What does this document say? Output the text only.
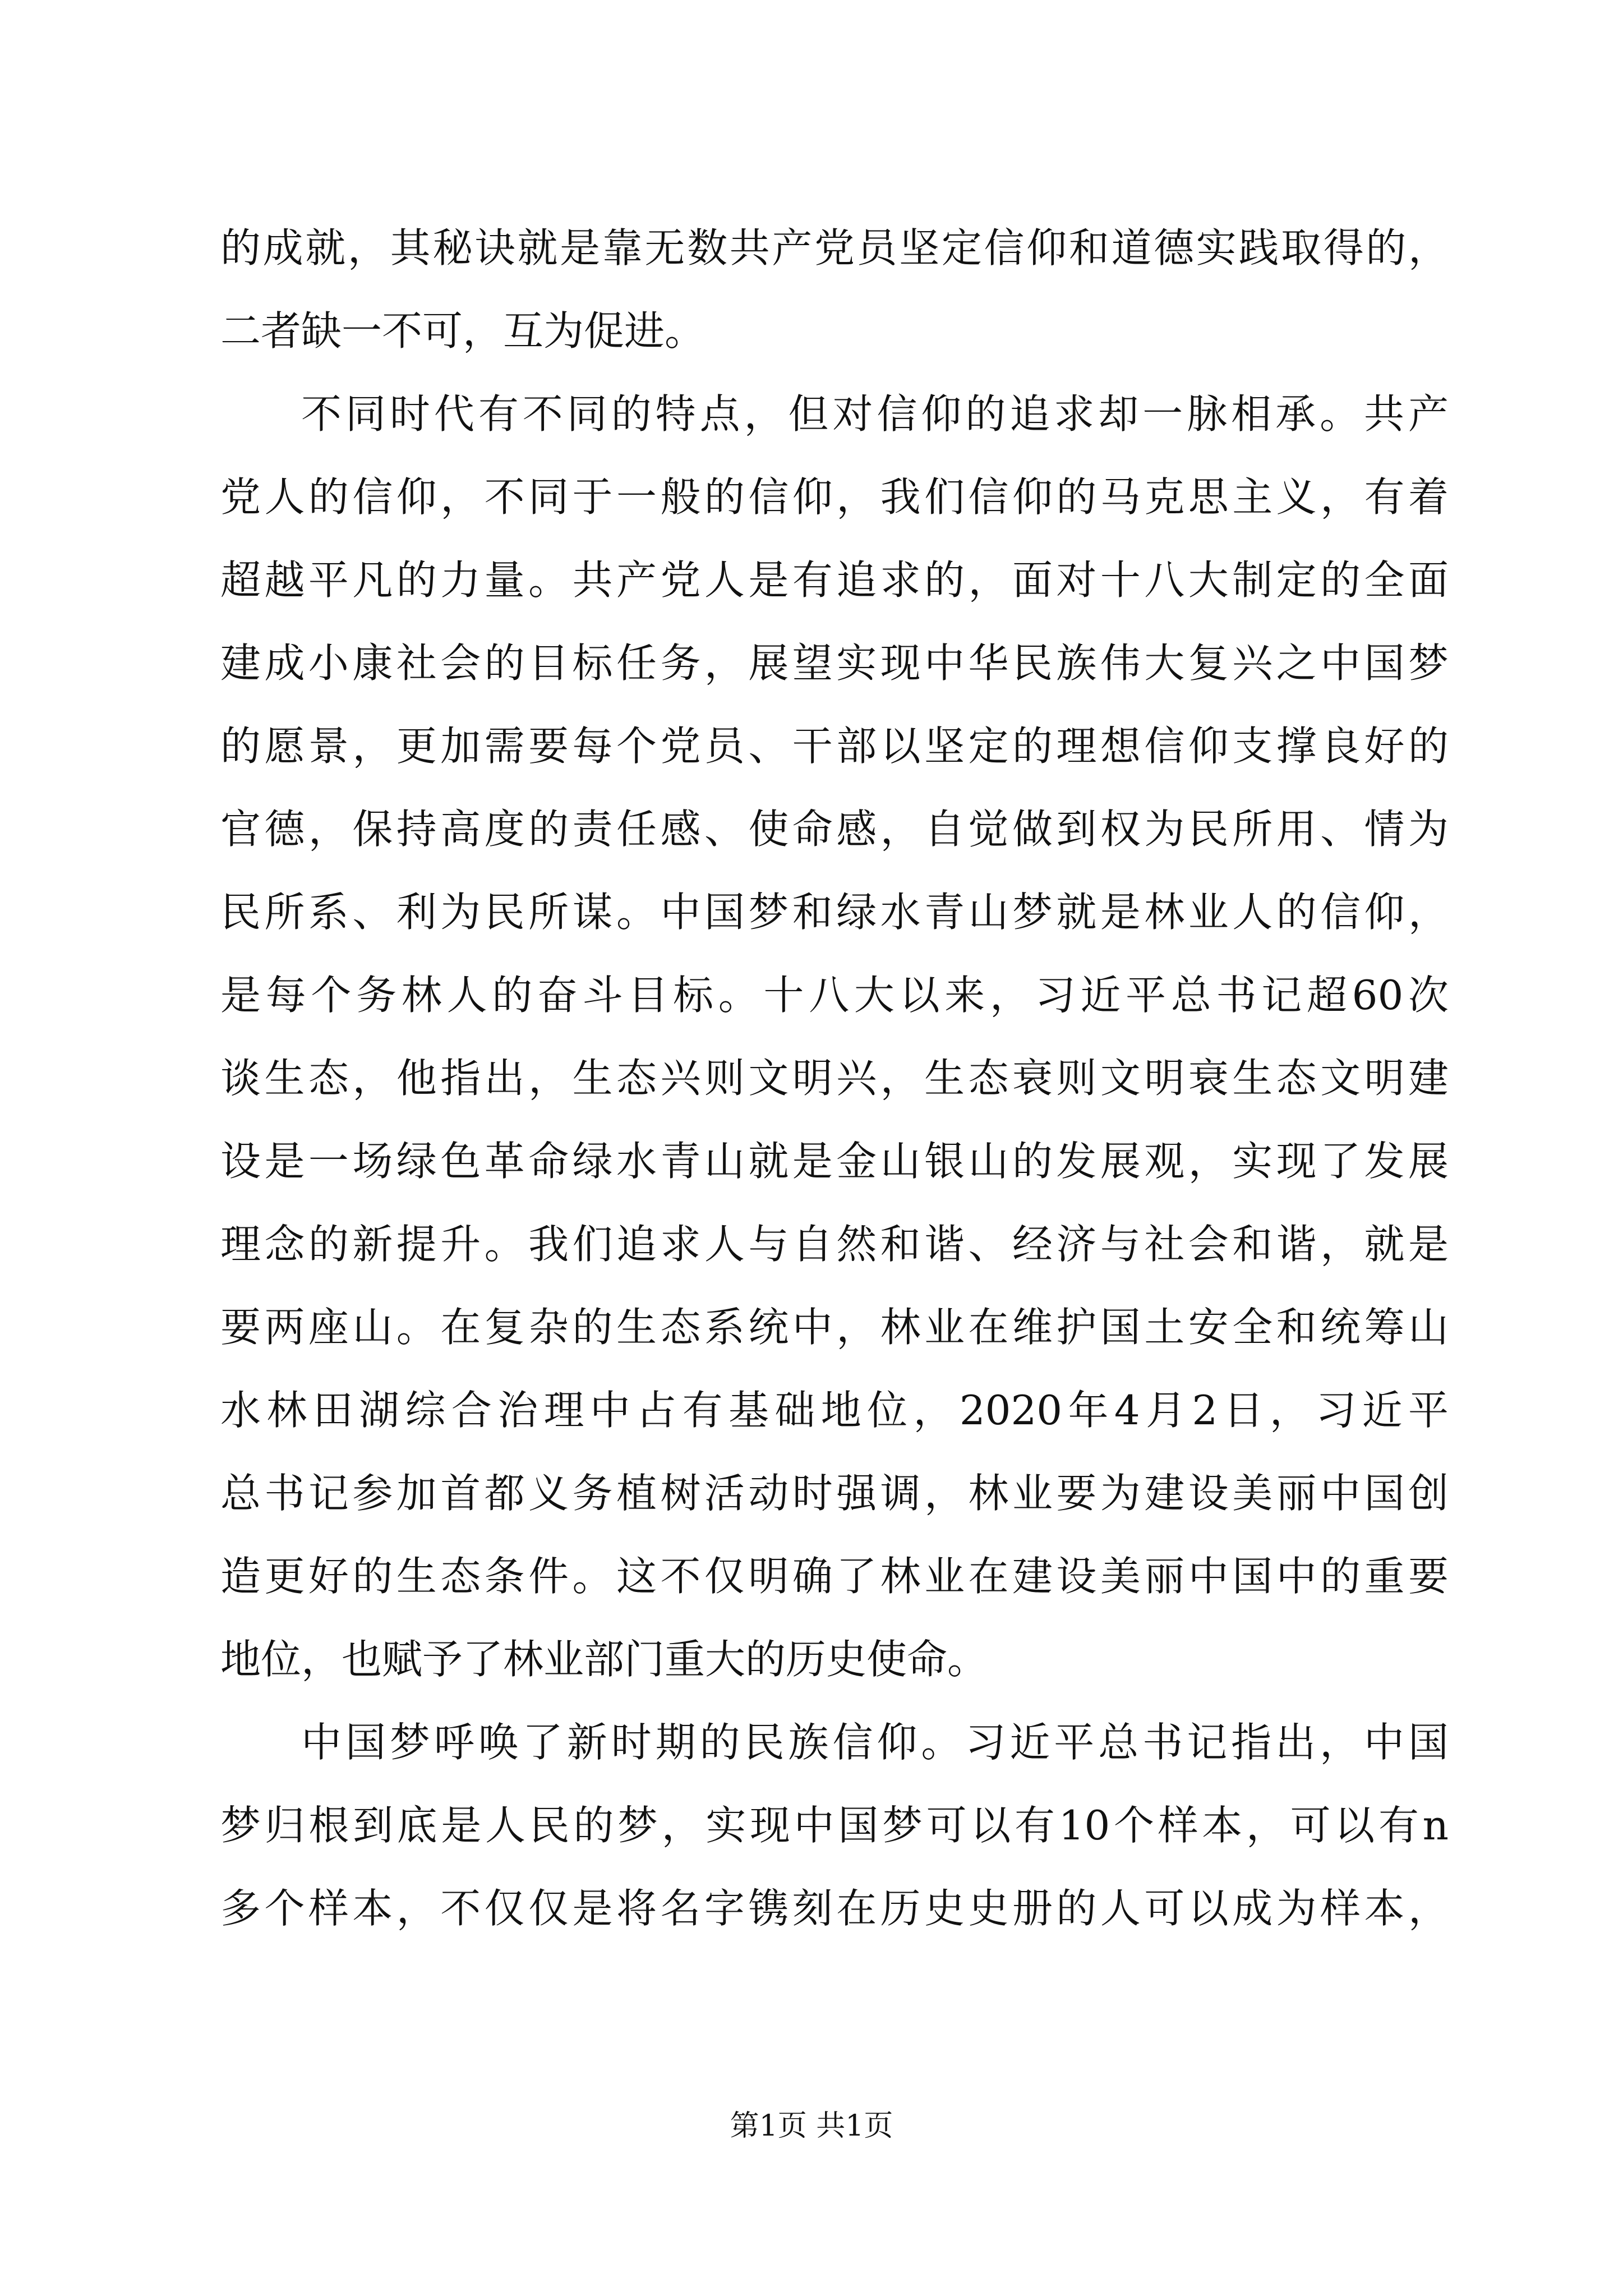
的成就，其秘诀就是靠无数共产党员坚定信仰和道德实践取得的，
二者缺一不可，互为促进。
不同时代有不同的特点，但对信仰的追求却一脉相承。共产
党人的信仰，不同于一般的信仰，我们信仰的马克思主义，有着
超越平凡的力量。共产党人是有追求的，面对十八大制定的全面
建成小康社会的目标任务，展望实现中华民族伟大复兴之中国梦
的愿景，更加需要每个党员、干部以坚定的理想信仰支撑良好的
官德，保持高度的责任感、使命感，自觉做到权为民所用、情为
民所系、利为民所谋。中国梦和绿水青山梦就是林业人的信仰，
是每个务林人的奋斗目标。十八大以来，习近平总书记超60次
谈生态，他指出，生态兴则文明兴，生态衰则文明衰生态文明建
设是一场绿色革命绿水青山就是金山银山的发展观，实现了发展
理念的新提升。我们追求人与自然和谐、经济与社会和谐，就是
要两座山。在复杂的生态系统中，林业在维护国土安全和统筹山
水林田湖综合治理中占有基础地位，2020年4月2日，习近平
总书记参加首都义务植树活动时强调，林业要为建设美丽中国创
造更好的生态条件。这不仅明确了林业在建设美丽中国中的重要
地位，也赋予了林业部门重大的历史使命。
中国梦呼唤了新时期的民族信仰。习近平总书记指出，中国
梦归根到底是人民的梦，实现中国梦可以有10个样本，可以有n
多个样本，不仅仅是将名字镌刻在历史史册的人可以成为样本，
第1页 共1页
